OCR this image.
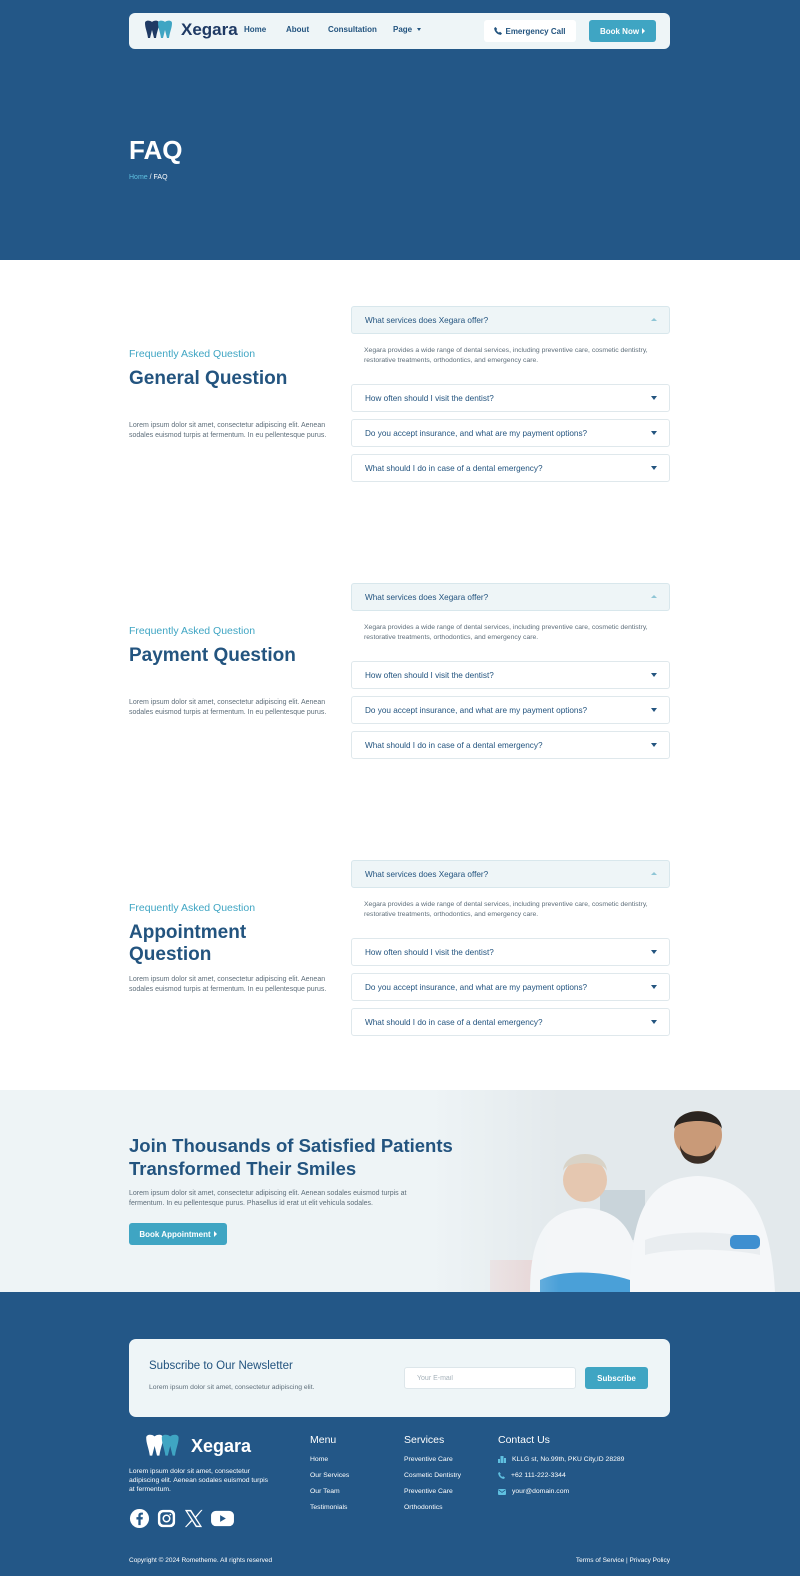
Xegara Home About Consultation Page	Emergency Call	Book Now
FAQ
Home / FAQ
Frequently Asked Question
General Question
Lorem ipsum dolor sit amet, consectetur adipiscing elit. Aenean sodales euismod turpis at fermentum. In eu pellentesque purus.
What services does Xegara offer?
Xegara provides a wide range of dental services, including preventive care, cosmetic dentistry, restorative treatments, orthodontics, and emergency care.
How often should I visit the dentist?
Do you accept insurance, and what are my payment options?
What should I do in case of a dental emergency?
Frequently Asked Question
Payment Question
Lorem ipsum dolor sit amet, consectetur adipiscing elit. Aenean sodales euismod turpis at fermentum. In eu pellentesque purus.
What services does Xegara offer?
Xegara provides a wide range of dental services, including preventive care, cosmetic dentistry, restorative treatments, orthodontics, and emergency care.
How often should I visit the dentist?
Do you accept insurance, and what are my payment options?
What should I do in case of a dental emergency?
Frequently Asked Question
Appointment Question
Lorem ipsum dolor sit amet, consectetur adipiscing elit. Aenean sodales euismod turpis at fermentum. In eu pellentesque purus.
What services does Xegara offer?
Xegara provides a wide range of dental services, including preventive care, cosmetic dentistry, restorative treatments, orthodontics, and emergency care.
How often should I visit the dentist?
Do you accept insurance, and what are my payment options?
What should I do in case of a dental emergency?
Join Thousands of Satisfied Patients Transformed Their Smiles
Lorem ipsum dolor sit amet, consectetur adipiscing elit. Aenean sodales euismod turpis at fermentum. In eu pellentesque purus. Phasellus id erat ut elit vehicula sodales.
Book Appointment
Subscribe to Our Newsletter
Lorem ipsum dolor sit amet, consectetur adipiscing elit.
Your E-mail
Subscribe
Xegara
Lorem ipsum dolor sit amet, consectetur adipiscing elit. Aenean sodales euismod turpis at fermentum.
Menu
Home
Our Services
Our Team
Testimonials
Services
Preventive Care
Cosmetic Dentistry
Preventive Care
Orthodontics
Contact Us
KLLG st, No.99th, PKU City,ID 28289
+62 111-222-3344
your@domain.com
Copyright © 2024 Rometheme. All rights reserved	Terms of Service | Privacy Policy
